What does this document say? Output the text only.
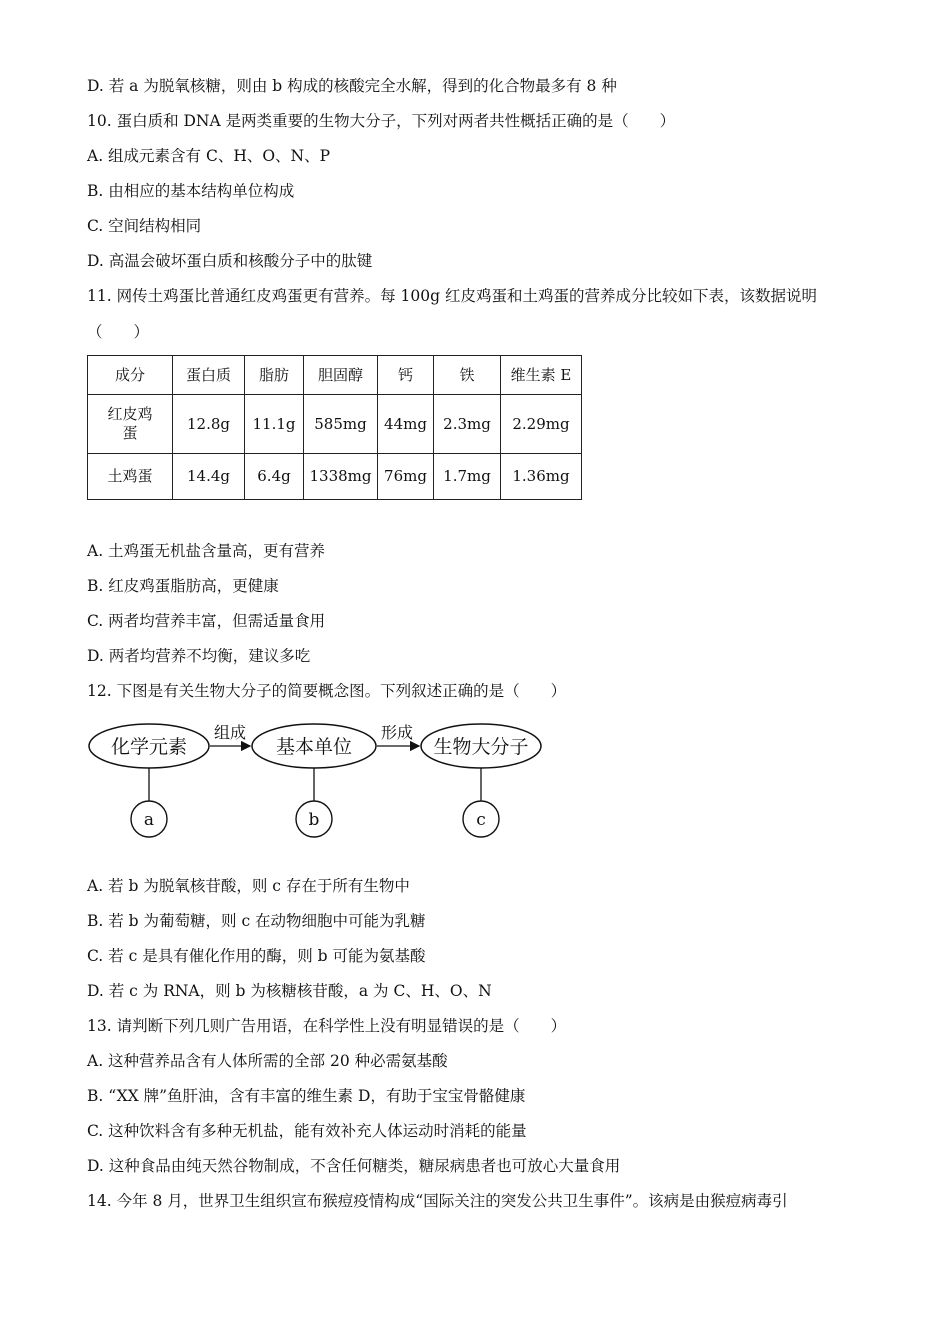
D. 若 a 为脱氧核糖，则由 b 构成的核酸完全水解，得到的化合物最多有 8 种
10. 蛋白质和 DNA 是两类重要的生物大分子，下列对两者共性概括正确的是（　　）
A. 组成元素含有 C、H、O、N、P
B. 由相应的基本结构单位构成
C. 空间结构相同
D. 高温会破坏蛋白质和核酸分子中的肽键
11. 网传土鸡蛋比普通红皮鸡蛋更有营养。每 100g 红皮鸡蛋和土鸡蛋的营养成分比较如下表，该数据说明
（　　）
成分	蛋白质	脂肪	胆固醇	钙	铁	维生素 E
红皮鸡
蛋	12.8g	11.1g	585mg	44mg	2.3mg	2.29mg
土鸡蛋	14.4g	6.4g	1338mg	76mg	1.7mg	1.36mg
A. 土鸡蛋无机盐含量高，更有营养
B. 红皮鸡蛋脂肪高，更健康
C. 两者均营养丰富，但需适量食用
D. 两者均营养不均衡，建议多吃
12. 下图是有关生物大分子的简要概念图。下列叙述正确的是（　　）
化学元素	基本单位	生物大分子
组成	形成
a	b	c
A. 若 b 为脱氧核苷酸，则 c 存在于所有生物中
B. 若 b 为葡萄糖，则 c 在动物细胞中可能为乳糖
C. 若 c 是具有催化作用的酶，则 b 可能为氨基酸
D. 若 c 为 RNA，则 b 为核糖核苷酸，a 为 C、H、O、N
13. 请判断下列几则广告用语，在科学性上没有明显错误的是（　　）
A. 这种营养品含有人体所需的全部 20 种必需氨基酸
B. “XX 牌”鱼肝油，含有丰富的维生素 D，有助于宝宝骨骼健康
C. 这种饮料含有多种无机盐，能有效补充人体运动时消耗的能量
D. 这种食品由纯天然谷物制成，不含任何糖类，糖尿病患者也可放心大量食用
14. 今年 8 月，世界卫生组织宣布猴痘疫情构成“国际关注的突发公共卫生事件”。该病是由猴痘病毒引
